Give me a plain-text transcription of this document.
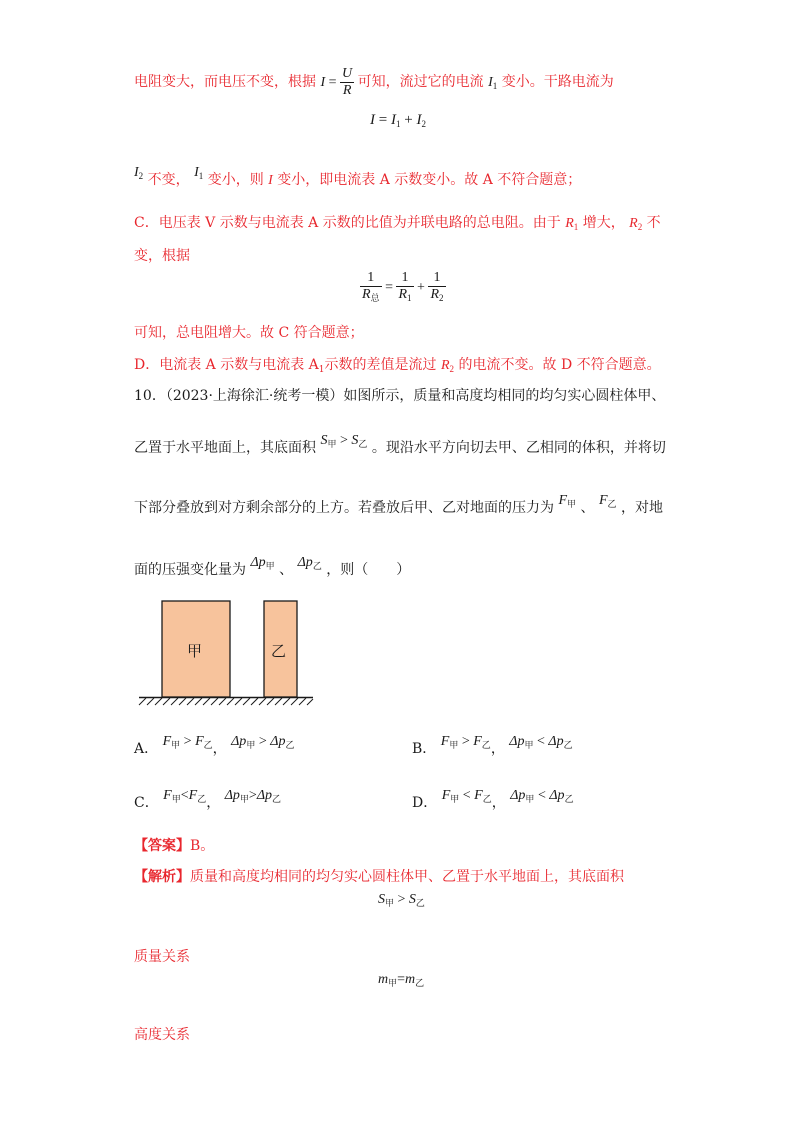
电阻变大，而电压不变，根据 $I = \frac{U}{R}$ 可知，流过它的电流 $I_1$ 变小。干路电流为
$I = I_1 + I_2$
$I_2$ 不变， $I_1$ 变小，则 I 变小，即电流表 A 示数变小。故 A 不符合题意；
C．电压表 V 示数与电流表 A 示数的比值为并联电路的总电阻。由于 $R_1$ 增大， $R_2$ 不
变，根据
$\frac{1}{R_总} = \frac{1}{R_1} + \frac{1}{R_2}$
可知，总电阻增大。故 C 符合题意；
D．电流表 A 示数与电流表 $A_1$示数的差值是流过 $R_2$ 的电流不变。故 D 不符合题意。
10．（2023·上海徐汇·统考一模）如图所示，质量和高度均相同的均匀实心圆柱体甲、
乙置于水平地面上，其底面积 $S_甲 > S_乙$ 。现沿水平方向切去甲、乙相同的体积，并将切
下部分叠放到对方剩余部分的上方。若叠放后甲、乙对地面的压力为 $F_甲$ 、 $F_乙$ ，对地
面的压强变化量为 $\Delta p_甲$ 、 $\Delta p_乙$ ，则（　　）
甲	乙
A． $F_甲 > F_乙$， $\Delta p_甲 > \Delta p_乙$	B． $F_甲 > F_乙$， $\Delta p_甲 < \Delta p_乙$
C． $F_甲<F_乙$， $\Delta p_甲>\Delta p_乙$	D． $F_甲 < F_乙$， $\Delta p_甲 < \Delta p_乙$
【答案】B。
【解析】质量和高度均相同的均匀实心圆柱体甲、乙置于水平地面上，其底面积
$S_甲 > S_乙$
质量关系
$m_甲=m_乙$
高度关系
